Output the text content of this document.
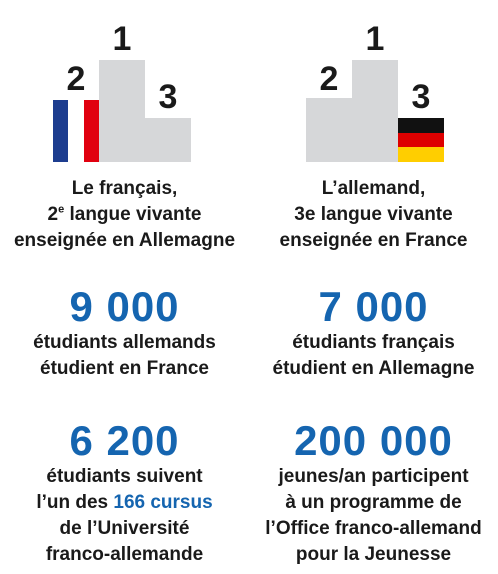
1
2	3
1
2	3
Le français,
2e langue vivante
enseignée en Allemagne
L’allemand,
3e langue vivante
enseignée en France
9 000
étudiants allemands
étudient en France
7 000
étudiants français
étudient en Allemagne
6 200
étudiants suivent
l’un des 166 cursus
de l’Université
franco-allemande
200 000
jeunes/an participent
à un programme de
l’Office franco-allemand
pour la Jeunesse
